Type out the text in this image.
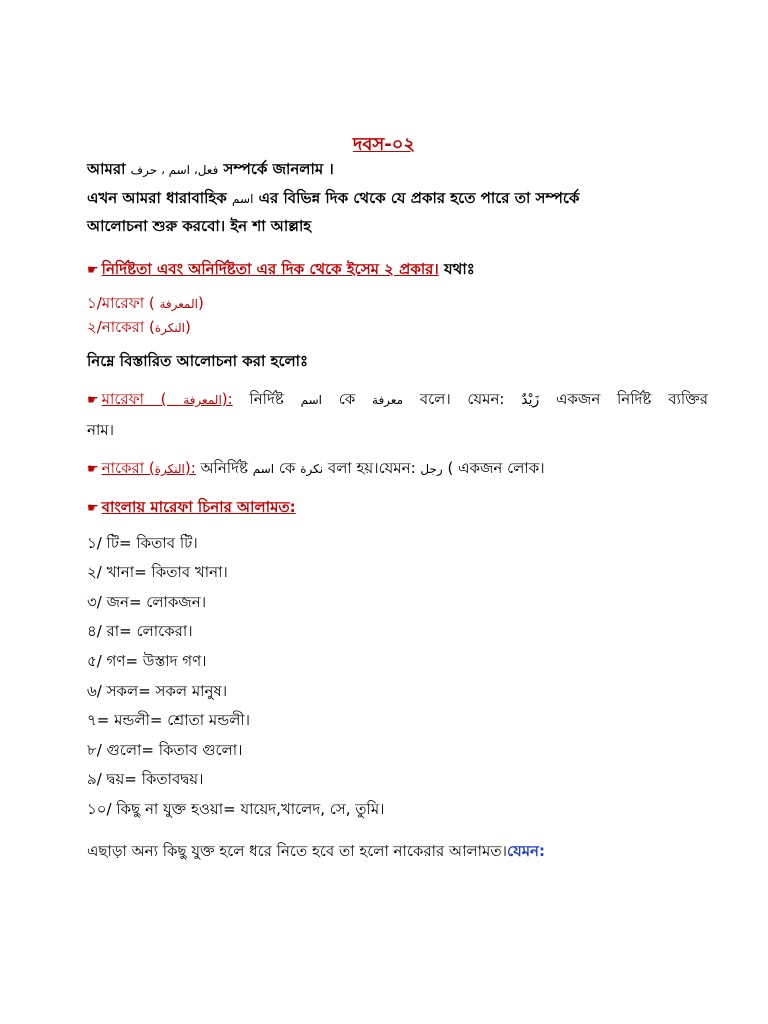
দবস-০২
আমরা فعل، اسم ، حرف সম্পর্কে জানলাম ।
এখন আমরা ধারাবাহিক اسم এর বিভিন্ন দিক থেকে যে প্রকার হতে পারে তা সম্পর্কে
আলোচনা শুরু করবো। ইন শা আল্লাহ
☛ নির্দিষ্টতা এবং অনির্দিষ্টতা এর দিক থেকে ইসেম ২ প্রকার। যথাঃ
১/মারেফা ( المعرفة)
২/নাকেরা (النكرة)
নিম্নে বিস্তারিত আলোচনা করা হলোঃ
☛ মারেফা ( المعرفة): নির্দিষ্ট اسم কে معرفة বলে। যেমন: زَيْدٌ একজন নির্দিষ্ট ব্যক্তির
নাম।
☛ নাকেরা (النكرة): অনির্দিষ্ট اسم কে نكرة বলা হয়।যেমন: رجل ( একজন লোক।
☛ বাংলায় মারেফা চিনার আলামত:
১/ টি= কিতাব টি।
২/ খানা= কিতাব খানা।
৩/ জন= লোকজন।
৪/ রা= লোকেরা।
৫/ গণ= উস্তাদ গণ।
৬/ সকল= সকল মানুষ।
৭= মন্ডলী= শ্রোতা মন্ডলী।
৮/ গুলো= কিতাব গুলো।
৯/ দ্বয়= কিতাবদ্বয়।
১০/ কিছু না যুক্ত হওয়া= যায়েদ,খালেদ, সে, তুমি।
এছাড়া অন্য কিছু যুক্ত হলে ধরে নিতে হবে তা হলো নাকেরার আলামত।যেমন:
